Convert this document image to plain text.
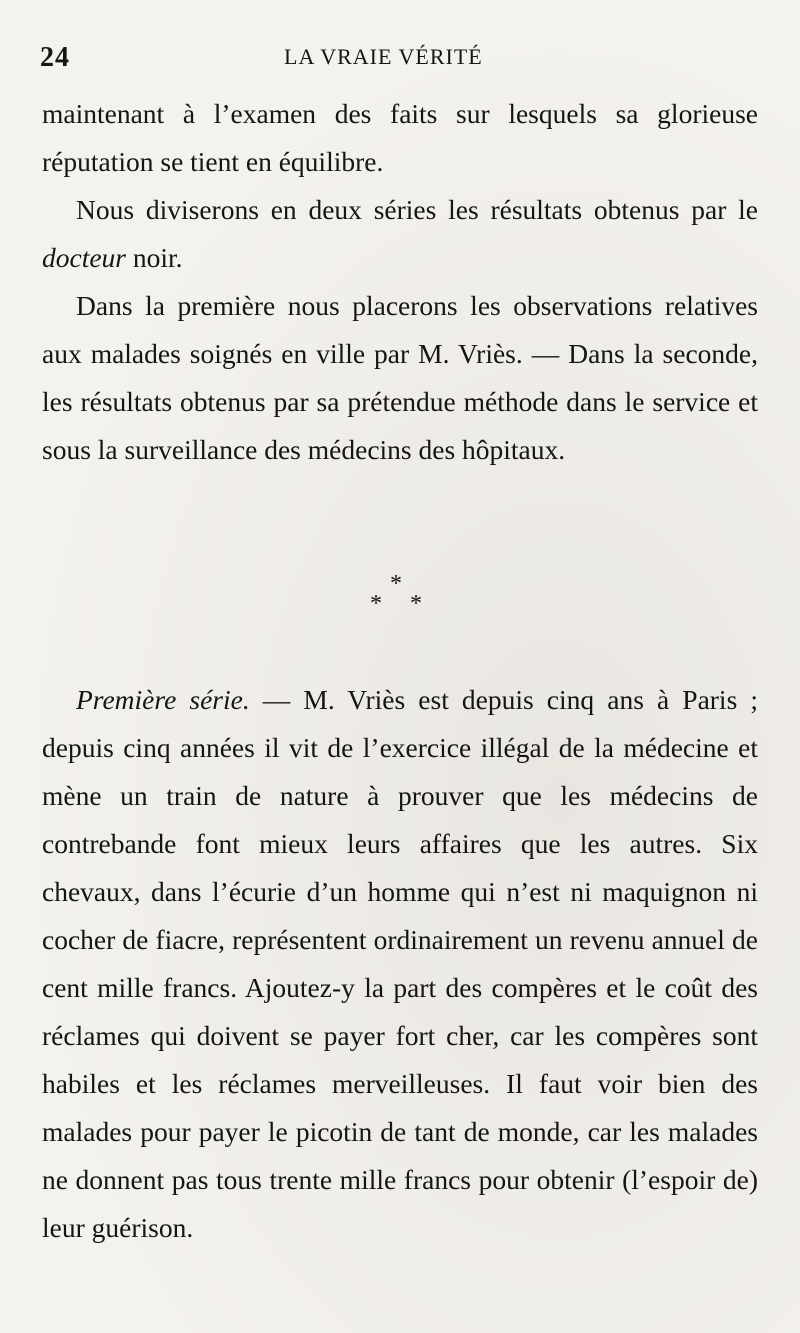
24	LA VRAIE VÉRITÉ

maintenant à l’examen des faits sur lesquels sa glorieuse réputation se tient en équilibre.

Nous diviserons en deux séries les résultats obtenus par le docteur noir.

Dans la première nous placerons les observations relatives aux malades soignés en ville par M. Vriès. — Dans la seconde, les résultats obtenus par sa prétendue méthode dans le service et sous la surveillance des médecins des hôpitaux.

*
* *

Première série. — M. Vriès est depuis cinq ans à Paris ; depuis cinq années il vit de l’exercice illégal de la médecine et mène un train de nature à prouver que les médecins de contrebande font mieux leurs affaires que les autres. Six chevaux, dans l’écurie d’un homme qui n’est ni maquignon ni cocher de fiacre, représentent ordinairement un revenu annuel de cent mille francs. Ajoutez-y la part des compères et le coût des réclames qui doivent se payer fort cher, car les compères sont habiles et les réclames merveilleuses. Il faut voir bien des malades pour payer le picotin de tant de monde, car les malades ne donnent pas tous trente mille francs pour obtenir (l’espoir de) leur guérison.
